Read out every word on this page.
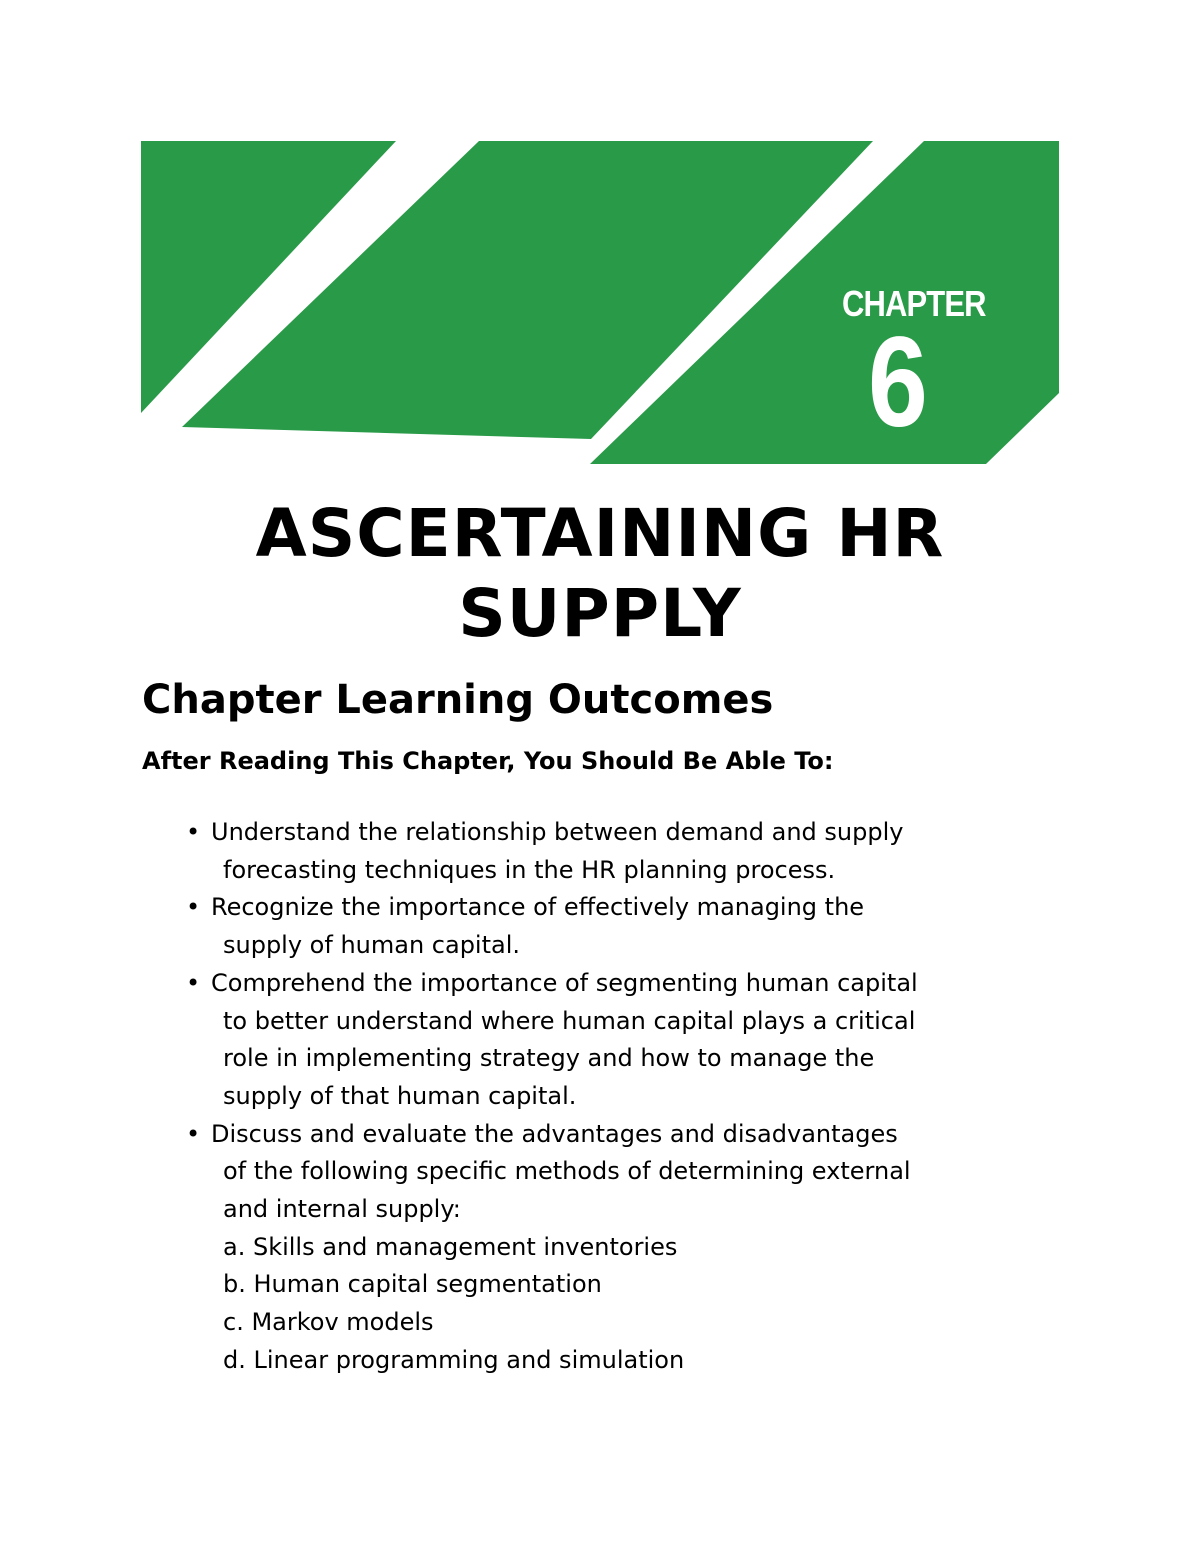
CHAPTER
6
ASCERTAINING HR
SUPPLY
Chapter Learning Outcomes

After Reading This Chapter, You Should Be Able To:

• Understand the relationship between demand and supply
forecasting techniques in the HR planning process.
• Recognize the importance of effectively managing the
supply of human capital.
• Comprehend the importance of segmenting human capital
to better understand where human capital plays a critical
role in implementing strategy and how to manage the
supply of that human capital.
• Discuss and evaluate the advantages and disadvantages
of the following specific methods of determining external
and internal supply:
a. Skills and management inventories
b. Human capital segmentation
c. Markov models
d. Linear programming and simulation
